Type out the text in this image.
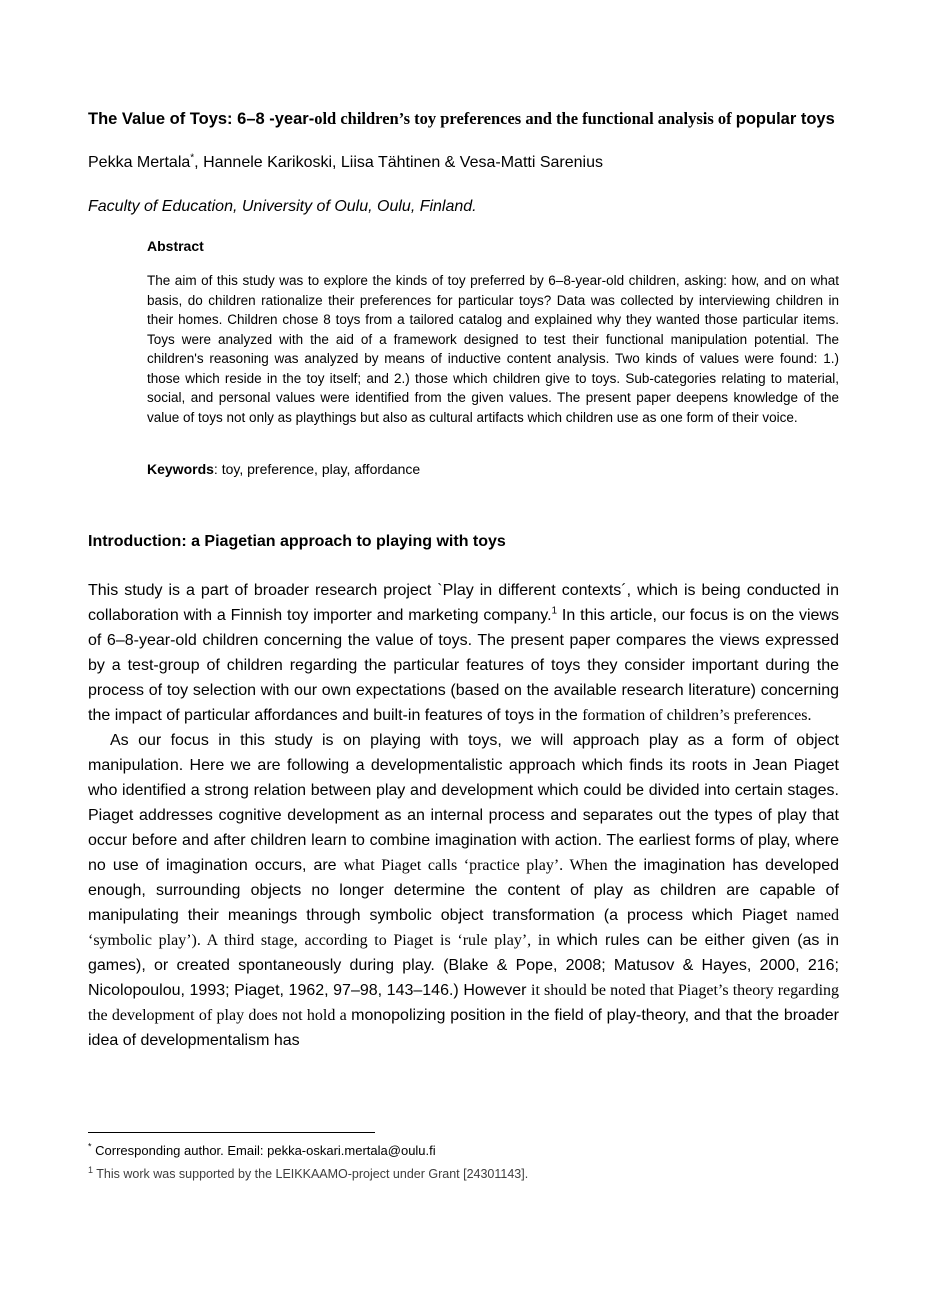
The Value of Toys: 6–8 -year-old children’s toy preferences and the functional analysis of popular toys

Pekka Mertala*, Hannele Karikoski, Liisa Tähtinen & Vesa-Matti Sarenius

Faculty of Education, University of Oulu, Oulu, Finland.

Abstract

The aim of this study was to explore the kinds of toy preferred by 6–8-year-old children, asking: how, and on what basis, do children rationalize their preferences for particular toys? Data was collected by interviewing children in their homes. Children chose 8 toys from a tailored catalog and explained why they wanted those particular items. Toys were analyzed with the aid of a framework designed to test their functional manipulation potential. The children's reasoning was analyzed by means of inductive content analysis. Two kinds of values were found: 1.) those which reside in the toy itself; and 2.) those which children give to toys. Sub-categories relating to material, social, and personal values were identified from the given values. The present paper deepens knowledge of the value of toys not only as playthings but also as cultural artifacts which children use as one form of their voice.

Keywords: toy, preference, play, affordance

Introduction: a Piagetian approach to playing with toys

This study is a part of broader research project `Play in different contexts´, which is being conducted in collaboration with a Finnish toy importer and marketing company.$^1$ In this article, our focus is on the views of 6–8-year-old children concerning the value of toys. The present paper compares the views expressed by a test-group of children regarding the particular features of toys they consider important during the process of toy selection with our own expectations (based on the available research literature) concerning the impact of particular affordances and built-in features of toys in the formation of children’s preferences.

As our focus in this study is on playing with toys, we will approach play as a form of object manipulation. Here we are following a developmentalistic approach which finds its roots in Jean Piaget who identified a strong relation between play and development which could be divided into certain stages. Piaget addresses cognitive development as an internal process and separates out the types of play that occur before and after children learn to combine imagination with action. The earliest forms of play, where no use of imagination occurs, are what Piaget calls ‘practice play’. When the imagination has developed enough, surrounding objects no longer determine the content of play as children are capable of manipulating their meanings through symbolic object transformation (a process which Piaget named ‘symbolic play’). A third stage, according to Piaget is ‘rule play’, in which rules can be either given (as in games), or created spontaneously during play. (Blake & Pope, 2008; Matusov & Hayes, 2000, 216; Nicolopoulou, 1993; Piaget, 1962, 97–98, 143–146.) However it should be noted that Piaget’s theory regarding the development of play does not hold a monopolizing position in the field of play-theory, and that the broader idea of developmentalism has

* Corresponding author. Email: pekka-oskari.mertala@oulu.fi

$^1$ This work was supported by the LEIKKAAMO-project under Grant [24301143].
